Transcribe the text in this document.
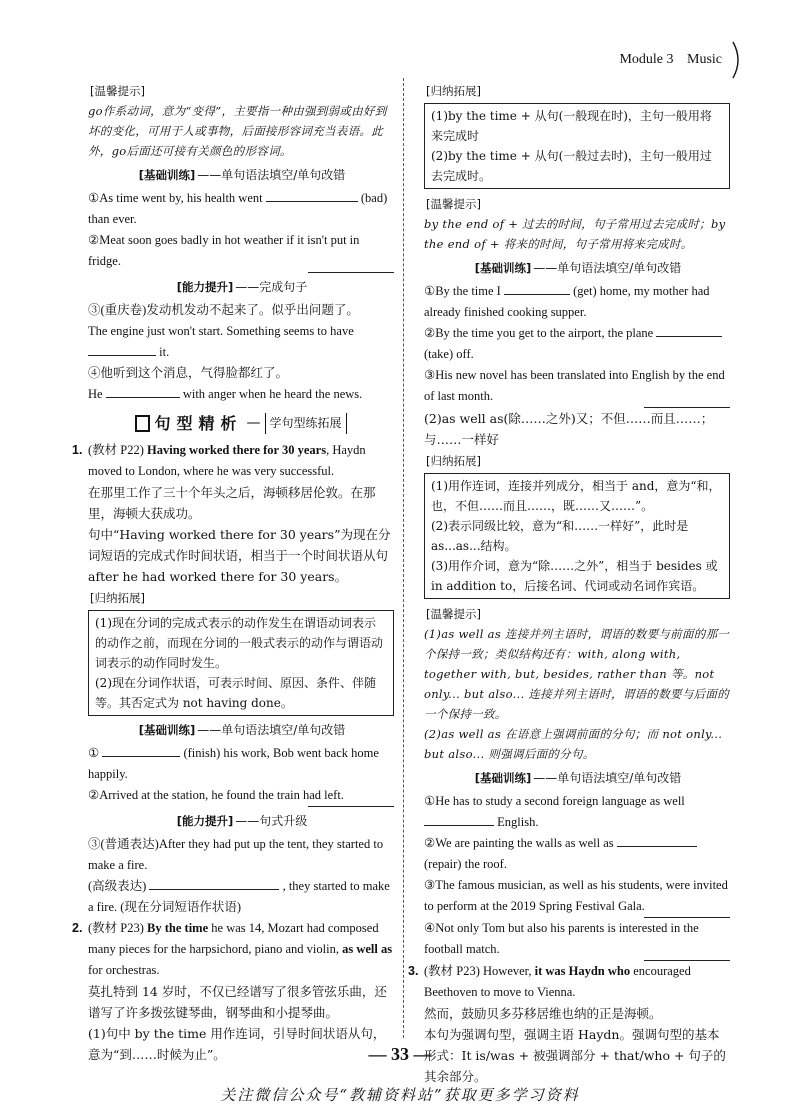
Module 3 Music
[ 温馨提示 ]
go作系动词，意为“变得”，主要指一种由强到弱或由好到坏的变化，可用于人或事物，后面接形容词充当表语。此外，go后面还可接有关颜色的形容词。
[ 基础训练 ] ——单句语法填空/单句改错
①As time went by, his health went	(bad) than ever.
②Meat soon goes badly in hot weather if it isn't put in fridge.
[ 能力提升 ] ——完成句子
③(重庆卷)发动机发动不起来了。似乎出问题了。
The engine just won't start. Something seems to have  it.
④他听到这个消息，气得脸都红了。
He	with anger when he heard the news.
句型精析 — 学句型练拓展
1. (教材 P22) Having worked there for 30 years, Haydn moved to London, where he was very successful.
在那里工作了三十个年头之后，海顿移居伦敦。在那里，海顿大获成功。
句中“Having worked there for 30 years”为现在分词短语的完成式作时间状语，相当于一个时间状语从句 after he had worked there for 30 years。
[ 归纳拓展 ]
(1)现在分词的完成式表示的动作发生在谓语动词表示的动作之前，而现在分词的一般式表示的动作与谓语动词表示的动作同时发生。
(2)现在分词作状语，可表示时间、原因、条件、伴随等。其否定式为 not having done。
[ 基础训练 ] ——单句语法填空/单句改错
①	(finish) his work, Bob went back home happily.
②Arrived at the station, he found the train had left.
[ 能力提升 ] ——句式升级
③(普通表达)After they had put up the tent, they started to make a fire.
(高级表达)	, they started to make a fire. (现在分词短语作状语)
2. (教材 P23) By the time he was 14, Mozart had composed many pieces for the harpsichord, piano and violin, as well as for orchestras.
莫扎特到 14 岁时，不仅已经谱写了很多管弦乐曲，还谱写了许多拨弦键琴曲，钢琴曲和小提琴曲。
(1)句中 by the time 用作连词，引导时间状语从句，意为“到……时候为止”。
[ 归纳拓展 ]
(1)by the time + 从句(一般现在时)，主句一般用将来完成时
(2)by the time + 从句(一般过去时)，主句一般用过去完成时。
[ 温馨提示 ]
by the end of + 过去的时间，句子常用过去完成时；by the end of + 将来的时间，句子常用将来完成时。
[ 基础训练 ] ——单句语法填空/单句改错
①By the time I	(get) home, my mother had already finished cooking supper.
②By the time you get to the airport, the plane  (take) off.
③His new novel has been translated into English by the end of last month.
(2)as well as(除……之外)又；不但……而且……；与……一样好
[ 归纳拓展 ]
(1)用作连词，连接并列成分，相当于 and，意为“和，也，不但……而且……，既……又……”。
(2)表示同级比较，意为“和……一样好”，此时是 as...as...结构。
(3)用作介词，意为“除……之外”，相当于 besides 或 in addition to，后接名词、代词或动名词作宾语。
[ 温馨提示 ]
(1)as well as 连接并列主语时，谓语的数要与前面的那一个保持一致；类似结构还有：with, along with, together with, but, besides, rather than 等。not only... but also... 连接并列主语时，谓语的数要与后面的一个保持一致。
(2)as well as 在语意上强调前面的分句；而 not only... but also... 则强调后面的分句。
[ 基础训练 ] ——单句语法填空/单句改错
①He has to study a second foreign language as well  English.
②We are painting the walls as well as  (repair) the roof.
③The famous musician, as well as his students, were invited to perform at the 2019 Spring Festival Gala.
④Not only Tom but also his parents is interested in the football match.
3. (教材 P23) However, it was Haydn who encouraged Beethoven to move to Vienna.
然而，鼓励贝多芬移居维也纳的正是海顿。
本句为强调句型，强调主语 Haydn。强调句型的基本形式：It is/was + 被强调部分 + that/who + 句子的其余部分。
— 33 —
关注微信公众号“教辅资料站”获取更多学习资料
